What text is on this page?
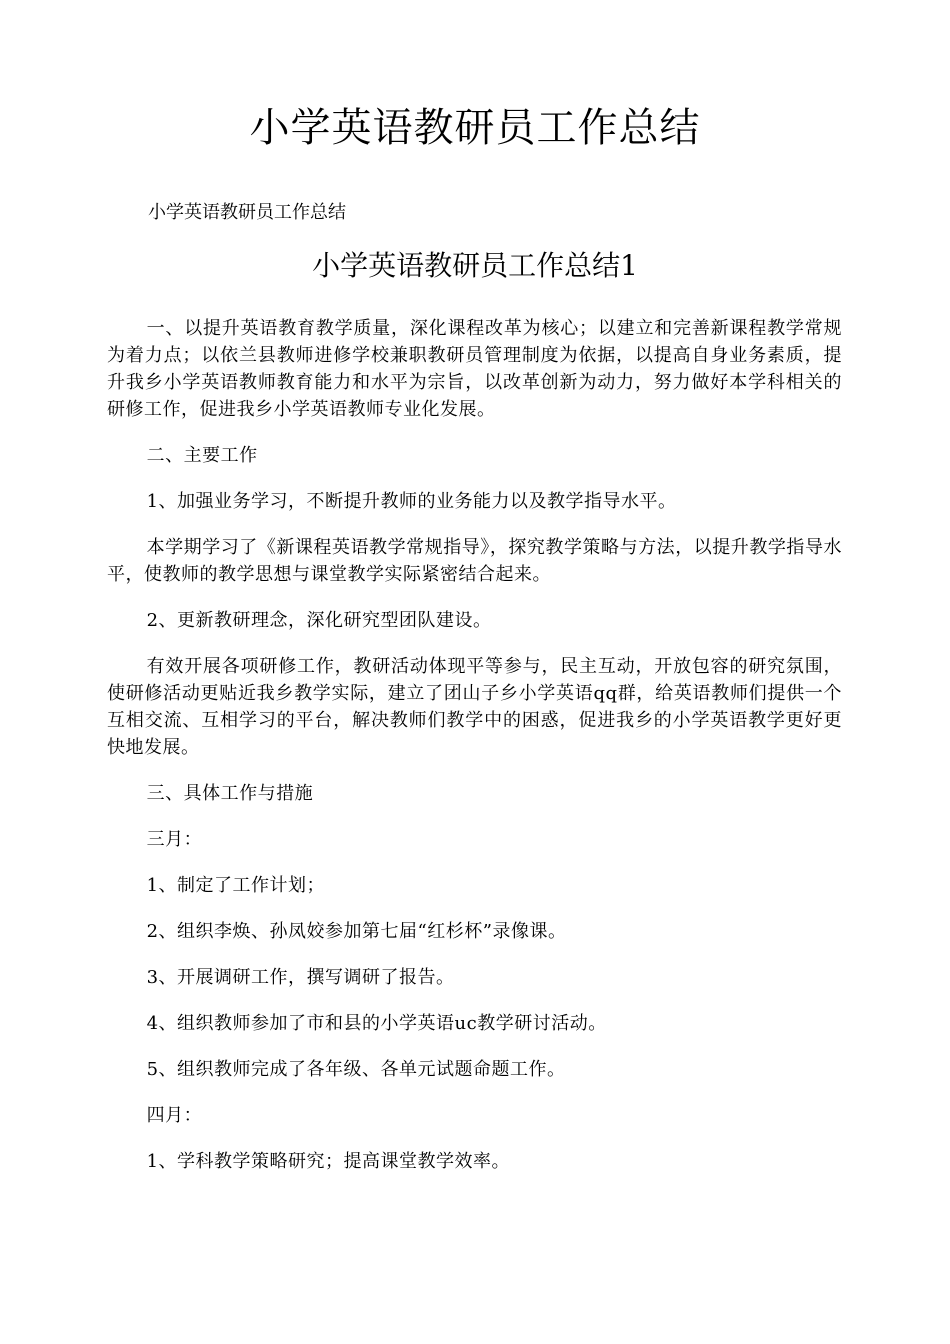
小学英语教研员工作总结

小学英语教研员工作总结

小学英语教研员工作总结1

一、以提升英语教育教学质量，深化课程改革为核心；以建立和完善新课程教学常规为着力点；以依兰县教师进修学校兼职教研员管理制度为依据，以提高自身业务素质，提升我乡小学英语教师教育能力和水平为宗旨，以改革创新为动力，努力做好本学科相关的研修工作，促进我乡小学英语教师专业化发展。

二、主要工作

1、加强业务学习，不断提升教师的业务能力以及教学指导水平。

本学期学习了《新课程英语教学常规指导》，探究教学策略与方法，以提升教学指导水平，使教师的教学思想与课堂教学实际紧密结合起来。

2、更新教研理念，深化研究型团队建设。

有效开展各项研修工作，教研活动体现平等参与，民主互动，开放包容的研究氛围，使研修活动更贴近我乡教学实际，建立了团山子乡小学英语qq群，给英语教师们提供一个互相交流、互相学习的平台，解决教师们教学中的困惑，促进我乡的小学英语教学更好更快地发展。

三、具体工作与措施

三月：

1、制定了工作计划；

2、组织李焕、孙凤姣参加第七届“红杉杯”录像课。

3、开展调研工作，撰写调研了报告。

4、组织教师参加了市和县的小学英语uc教学研讨活动。

5、组织教师完成了各年级、各单元试题命题工作。

四月：

1、学科教学策略研究；提高课堂教学效率。
